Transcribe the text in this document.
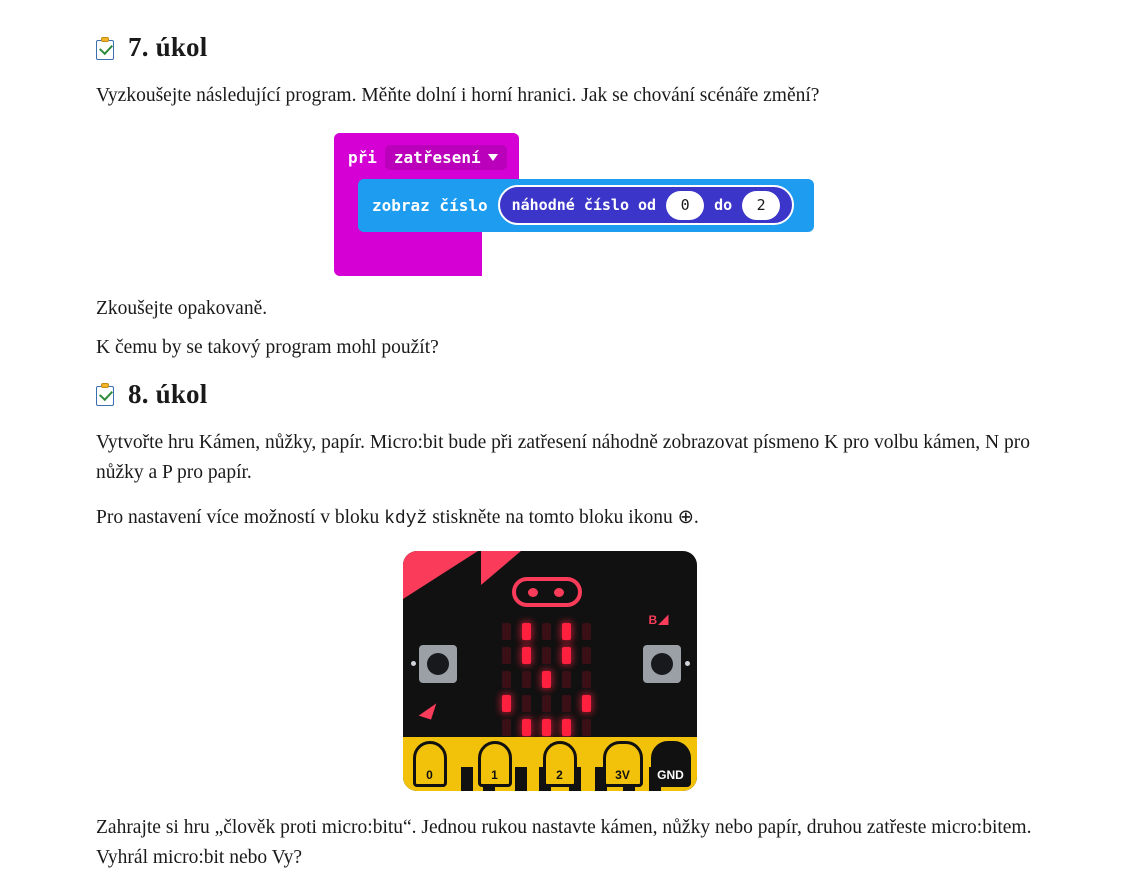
7. úkol

Vyzkoušejte následující program. Měňte dolní i horní hranici. Jak se chování scénáře změní?

při zatřesení
zobraz číslo náhodné číslo od	0	do	2

Zkoušejte opakovaně.

K čemu by se takový program mohl použít?

8. úkol

Vytvořte hru Kámen, nůžky, papír. Micro:bit bude při zatřesení náhodně zobrazovat písmeno K pro volbu kámen, N pro nůžky a P pro papír.

Pro nastavení více možností v bloku když stiskněte na tomto bloku ikonu ⊕.

B
0	1	2	3V GND

Zahrajte si hru „člověk proti micro:bitu“. Jednou rukou nastavte kámen, nůžky nebo papír, druhou zatřeste micro:bitem. Vyhrál micro:bit nebo Vy?
